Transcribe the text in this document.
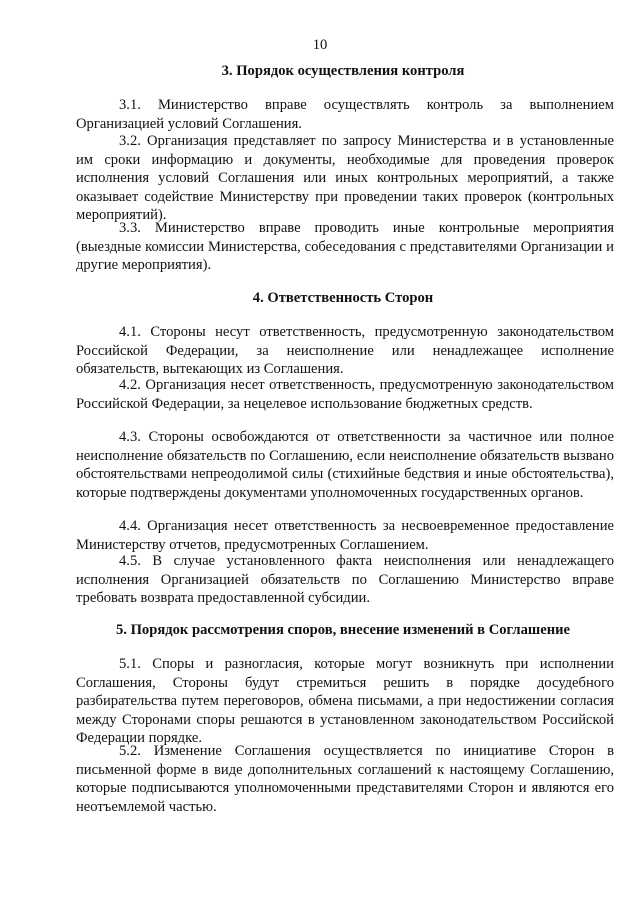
10
3. Порядок осуществления контроля

3.1. Министерство вправе осуществлять контроль за выполнением Организацией условий Соглашения.

3.2. Организация представляет по запросу Министерства и в установленные им сроки информацию и документы, необходимые для проведения проверок исполнения условий Соглашения или иных контрольных мероприятий, а также оказывает содействие Министерству при проведении таких проверок (контрольных мероприятий).

3.3. Министерство вправе проводить иные контрольные мероприятия (выездные комиссии Министерства, собеседования с представителями Организации и другие мероприятия).

4. Ответственность Сторон

4.1. Стороны несут ответственность, предусмотренную законодательством Российской Федерации, за неисполнение или ненадлежащее исполнение обязательств, вытекающих из Соглашения.

4.2. Организация несет ответственность, предусмотренную законодательством Российской Федерации, за нецелевое использование бюджетных средств.

4.3. Стороны освобождаются от ответственности за частичное или полное неисполнение обязательств по Соглашению, если неисполнение обязательств вызвано обстоятельствами непреодолимой силы (стихийные бедствия и иные обстоятельства), которые подтверждены документами уполномоченных государственных органов.

4.4. Организация несет ответственность за несвоевременное предоставление Министерству отчетов, предусмотренных Соглашением.

4.5. В случае установленного факта неисполнения или ненадлежащего исполнения Организацией обязательств по Соглашению Министерство вправе требовать возврата предоставленной субсидии.

5. Порядок рассмотрения споров, внесение изменений в Соглашение

5.1. Споры и разногласия, которые могут возникнуть при исполнении Соглашения, Стороны будут стремиться решить в порядке досудебного разбирательства путем переговоров, обмена письмами, а при недостижении согласия между Сторонами споры решаются в установленном законодательством Российской Федерации порядке.

5.2. Изменение Соглашения осуществляется по инициативе Сторон в письменной форме в виде дополнительных соглашений к настоящему Соглашению, которые подписываются уполномоченными представителями Сторон и являются его неотъемлемой частью.
